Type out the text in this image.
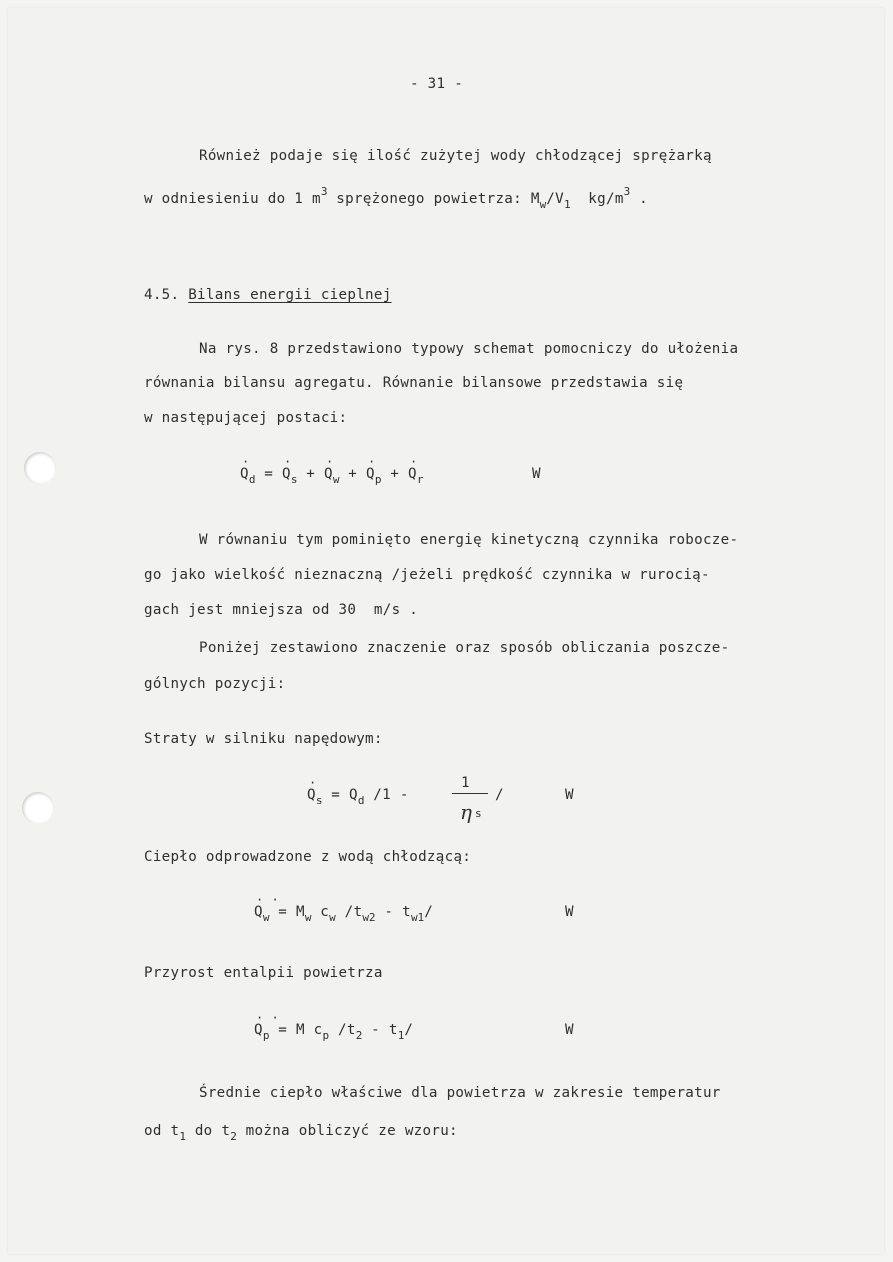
- 31 -
Również podaje się ilość zużytej wody chłodzącej sprężarką
w odniesieniu do 1 $m^3$ sprężonego powietrza: $M_w/V_1$  $kg/m^3$ .
4.5. Bilans energii cieplnej
Na rys. 8 przedstawiono typowy schemat pomocniczy do ułożenia
równania bilansu agregatu. Równanie bilansowe przedstawia się
w następującej postaci:
· $Q_d$ = · $Q_s$ + · $Q_w$ + · $Q_p$ + · $Q_r$	W
W równaniu tym pominięto energię kinetyczną czynnika roboczе-
go jako wielkość nieznaczną /jeżeli prędkość czynnika w rurocią-
gach jest mniejsza od 30  m/s .
Poniżej zestawiono znaczenie oraz sposób obliczania poszcze-
gólnych pozycji:
Straty w silniku napędowym:
· $Q_s = Q_d$ /1 -
1
η s
/	W
Ciepło odprowadzone z wodą chłodzącą:
· $Q_w\cdot = M_w$ $c_w$ $/t_{w2} - t_{w1}/$	W
Przyrost entalpii powietrza
· $Q_p\cdot = M$ $c_p$ $/t_2 - t_1/$	W
Średnie ciepło właściwe dla powietrza w zakresie temperatur
od $t_1$ do $t_2$ można obliczyć ze wzoru:
